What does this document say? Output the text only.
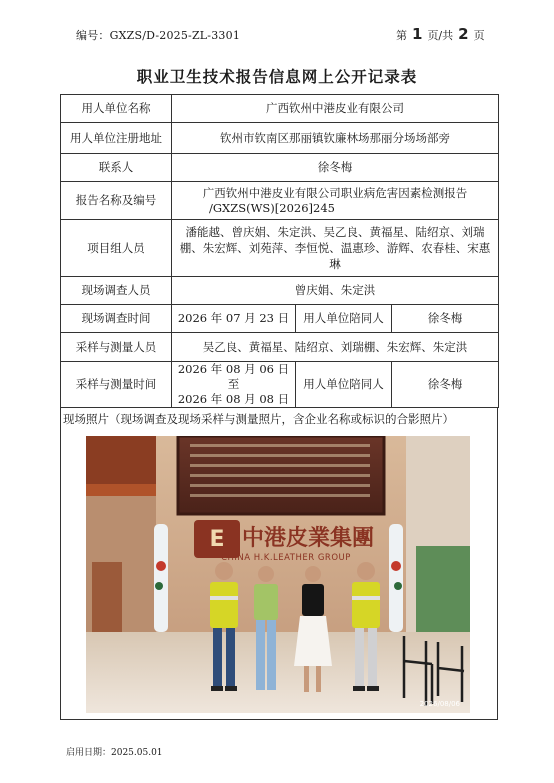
编号：GXZS/D-2025-ZL-3301	第 1 页/共 2 页
职业卫生技术报告信息网上公开记录表
用人单位名称	广西钦州中港皮业有限公司		
用人单位注册地址	钦州市钦南区那丽镇钦廉林场那丽分场场部旁		
联系人	徐冬梅		
报告名称及编号	广西钦州中港皮业有限公司职业病危害因素检测报告
/GXZS(WS)[2026]245		

项目组人员	潘能越、曾庆娟、朱定洪、吴乙良、黄福星、陆绍京、刘瑞棚、朱宏辉、刘苑萍、李恒悦、温惠珍、游辉、农春桂、宋惠琳		
现场调查人员	曾庆娟、朱定洪		
现场调查时间	2026 年 07 月 23 日	用人单位陪同人	徐冬梅
采样与测量人员	吴乙良、黄福星、陆绍京、刘瑞棚、朱宏辉、朱定洪		
采样与测量时间	2026 年 08 月 06 日至
2026 年 08 月 08 日	用人单位陪同人	徐冬梅
现场照片（现场调查及现场采样与测量照片，含企业名称或标识的合影照片）
E 中港皮業集團
CHINA H.K.LEATHER GROUP
2026/08/06
启用日期：2025.05.01
